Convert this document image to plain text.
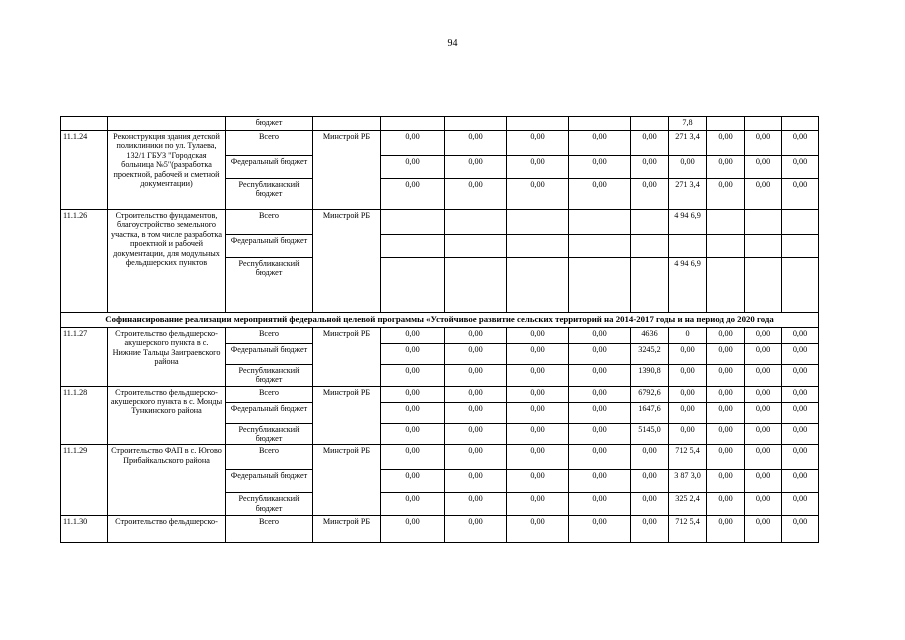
94
		бюджет							7,8			
11.1.24	Реконструкция здания детской поликлиники по ул. Тулаева, 132/1 ГБУЗ "Городская больница №5"(разработка проектной, рабочей и сметной документации)	Всего	Минстрой РБ	0,00	0,00	0,00	0,00	0,00	271 3,4	0,00	0,00	0,00
		Федеральный бюджет		0,00	0,00	0,00	0,00	0,00	0,00	0,00	0,00	0,00
		Республиканский бюджет		0,00	0,00	0,00	0,00	0,00	271 3,4	0,00	0,00	0,00
11.1.26	Строительство фундаментов, благоустройство земельного участка, в том числе разработка проектной и рабочей документации, для модульных фельдшерских пунктов	Всего	Минстрой РБ						4 94 6,9			
		Федеральный бюджет										
		Республиканский бюджет							4 94 6,9			
Софинансирование реализации мероприятий федеральной целевой программы «Устойчивое развитие сельских территорий на 2014-2017 годы и на период до 2020 года												
11.1.27	Строительство фельдшерско-акушерского пункта в с. Нижние Тальцы Заиграевского района	Всего	Минстрой РБ	0,00	0,00	0,00	0,00	4636	0	0,00	0,00	0,00
		Федеральный бюджет		0,00	0,00	0,00	0,00	3245,2	0,00	0,00	0,00	0,00
		Республиканский бюджет		0,00	0,00	0,00	0,00	1390,8	0,00	0,00	0,00	0,00
11.1.28	Строительство фельдшерско-акушерского пункта в с. Монды Тункинского района	Всего	Минстрой РБ	0,00	0,00	0,00	0,00	6792,6	0,00	0,00	0,00	0,00
		Федеральный бюджет		0,00	0,00	0,00	0,00	1647,6	0,00	0,00	0,00	0,00
		Республиканский бюджет		0,00	0,00	0,00	0,00	5145,0	0,00	0,00	0,00	0,00
11.1.29	Строительство ФАП в с. Югово Прибайкальского района	Всего	Минстрой РБ	0,00	0,00	0,00	0,00	0,00	712 5,4	0,00	0,00	0,00
		Федеральный бюджет		0,00	0,00	0,00	0,00	0,00	3 87 3,0	0,00	0,00	0,00
		Республиканский бюджет		0,00	0,00	0,00	0,00	0,00	325 2,4	0,00	0,00	0,00
11.1.30	Строительство фельдшерско-	Всего	Минстрой РБ	0,00	0,00	0,00	0,00	0,00	712 5,4	0,00	0,00	0,00
